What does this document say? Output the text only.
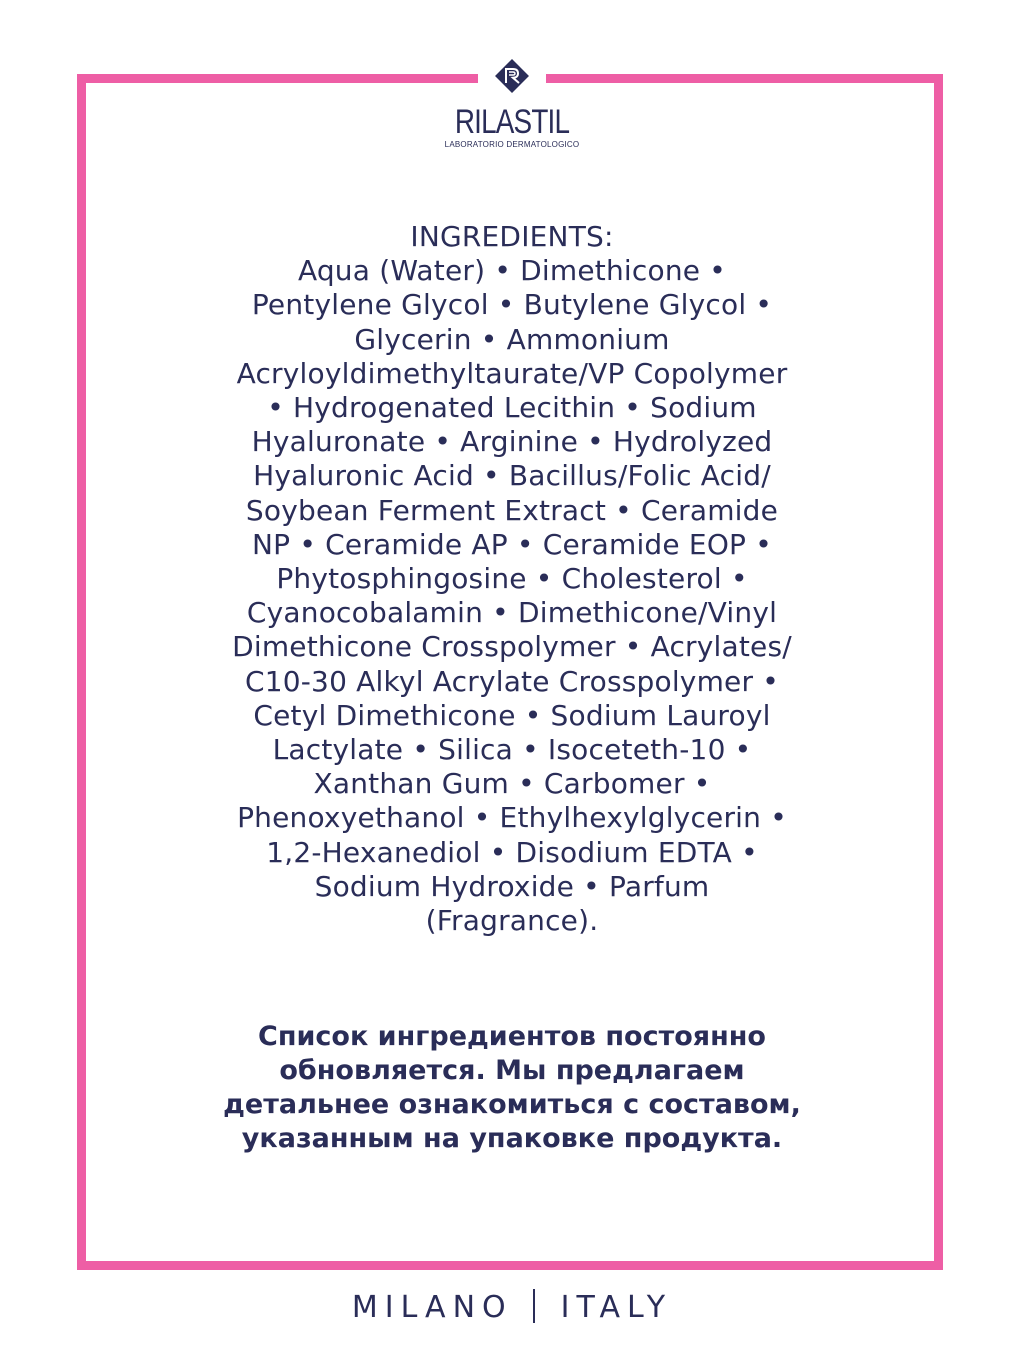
RILASTIL
LABORATORIO DERMATOLOGICO
INGREDIENTS:
Aqua (Water) • Dimethicone •
Pentylene Glycol • Butylene Glycol •
Glycerin • Ammonium
Acryloyldimethyltaurate/VP Copolymer
• Hydrogenated Lecithin • Sodium
Hyaluronate • Arginine • Hydrolyzed
Hyaluronic Acid • Bacillus/Folic Acid/
Soybean Ferment Extract • Ceramide
NP • Ceramide AP • Ceramide EOP •
Phytosphingosine • Cholesterol •
Cyanocobalamin • Dimethicone/Vinyl
Dimethicone Crosspolymer • Acrylates/
C10-30 Alkyl Acrylate Crosspolymer •
Cetyl Dimethicone • Sodium Lauroyl
Lactylate • Silica • Isoceteth-10 •
Xanthan Gum • Carbomer •
Phenoxyethanol • Ethylhexylglycerin •
1,2-Hexanediol • Disodium EDTA •
Sodium Hydroxide • Parfum
(Fragrance).
Список ингредиентов постоянно
обновляется. Мы предлагаем
детальнее ознакомиться с составом,
указанным на упаковке продукта.
MILANO ITALY
